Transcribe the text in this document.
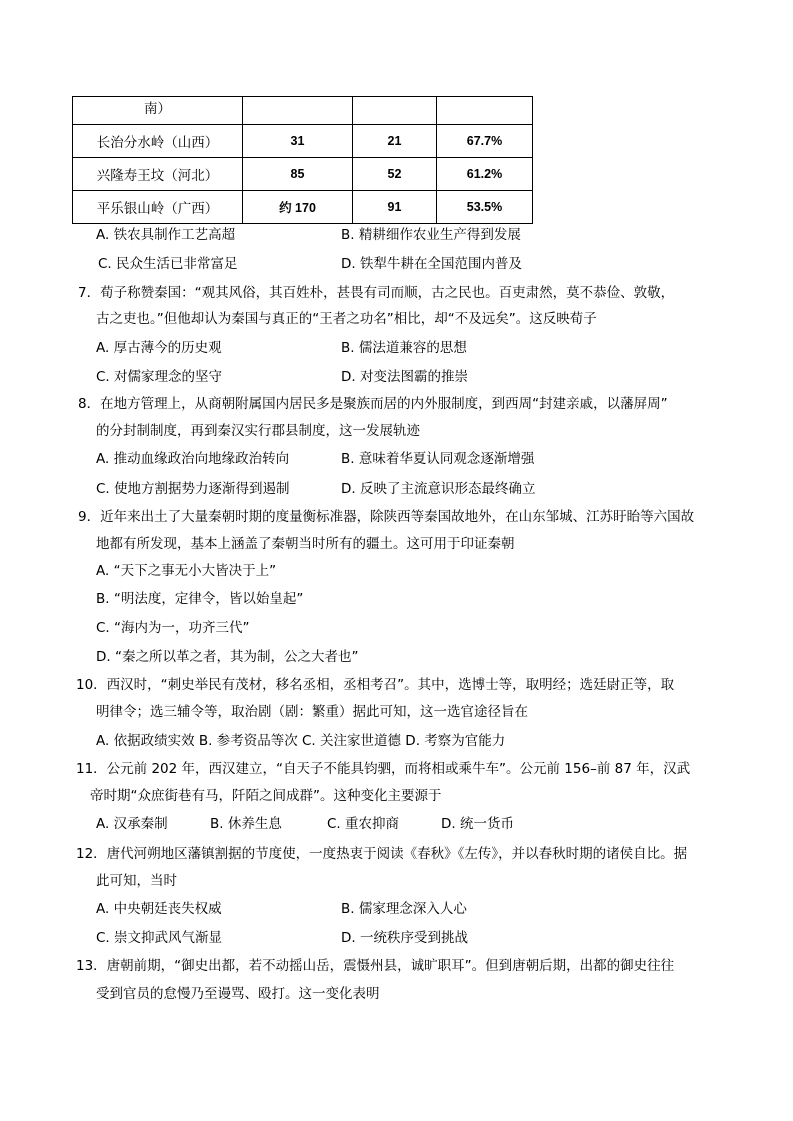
南）			
长治分水岭（山西）	31	21	67.7%
兴隆寿王坟（河北）	85	52	61.2%
平乐银山岭（广西）	约 170	91	53.5%
A. 铁农具制作工艺高超	B. 精耕细作农业生产得到发展
C. 民众生活已非常富足	D. 铁犁牛耕在全国范围内普及
7．荀子称赞秦国：“观其风俗，其百姓朴，甚畏有司而顺，古之民也。百吏肃然，莫不恭俭、敦敬，
古之吏也。”但他却认为秦国与真正的“王者之功名”相比，却“不及远矣”。这反映荀子
A. 厚古薄今的历史观	B. 儒法道兼容的思想
C. 对儒家理念的坚守	D. 对变法图霸的推崇
8．在地方管理上，从商朝附属国内居民多是聚族而居的内外服制度，到西周“封建亲戚，以藩屏周”
的分封制制度，再到秦汉实行郡县制度，这一发展轨迹
A. 推动血缘政治向地缘政治转向	B. 意味着华夏认同观念逐渐增强
C. 使地方割据势力逐渐得到遏制	D. 反映了主流意识形态最终确立
9．近年来出土了大量秦朝时期的度量衡标准器，除陕西等秦国故地外，在山东邹城、江苏盱眙等六国故
地都有所发现，基本上涵盖了秦朝当时所有的疆土。这可用于印证秦朝
A. “天下之事无小大皆决于上”
B. “明法度，定律令，皆以始皇起”
C. “海内为一，功齐三代”
D. “秦之所以革之者，其为制，公之大者也”
10．西汉时，“刺史举民有茂材，移名丞相，丞相考召”。其中，选博士等，取明经；选廷尉正等，取
明律令；选三辅令等，取治剧（剧：繁重）据此可知，这一选官途径旨在
A. 依据政绩实效 B. 参考资品等次 C. 关注家世道德 D. 考察为官能力
11．公元前 202 年，西汉建立，“自天子不能具钧驷，而将相或乘牛车”。公元前 156–前 87 年，汉武
帝时期“众庶街巷有马，阡陌之间成群”。这种变化主要源于
A. 汉承秦制	B. 休养生息	C. 重农抑商	D. 统一货币
12．唐代河朔地区藩镇割据的节度使，一度热衷于阅读《春秋》《左传》，并以春秋时期的诸侯自比。据
此可知，当时
A. 中央朝廷丧失权威	B. 儒家理念深入人心
C. 崇文抑武风气渐显	D. 一统秩序受到挑战
13．唐朝前期，“御史出都，若不动摇山岳，震慑州县，诚旷职耳”。但到唐朝后期，出都的御史往往
受到官员的怠慢乃至谩骂、殴打。这一变化表明
